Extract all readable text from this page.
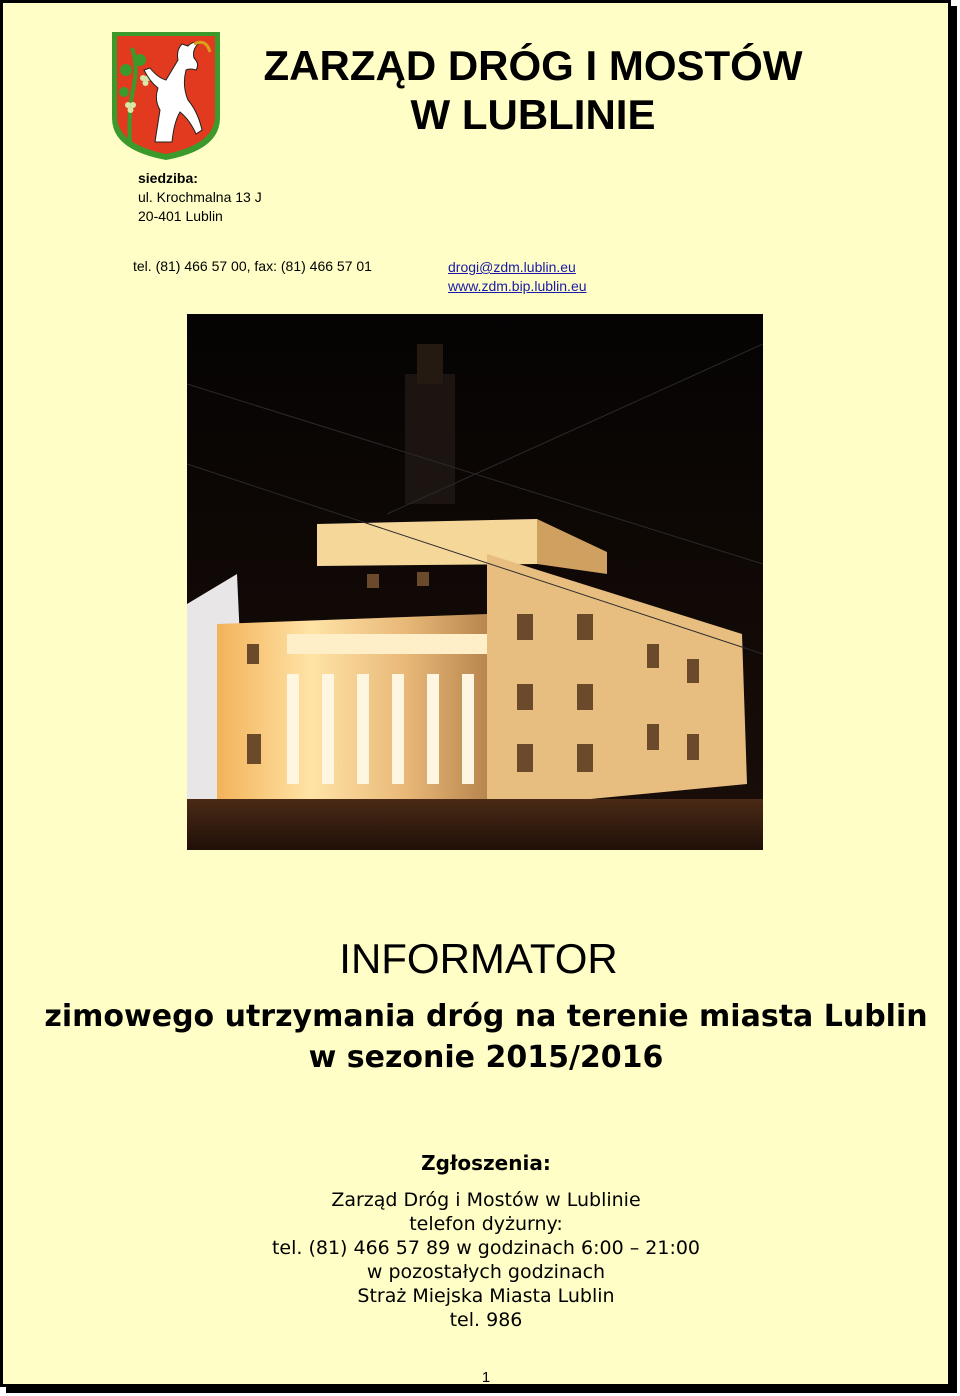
ZARZĄD DRÓG I MOSTÓW
W LUBLINIE
siedziba:
ul. Krochmalna 13 J
20-401 Lublin
tel. (81) 466 57 00, fax: (81) 466 57 01	drogi@zdm.lublin.eu
www.zdm.bip.lublin.eu
INFORMATOR
zimowego utrzymania dróg na terenie miasta Lublin
w sezonie 2015/2016
Zgłoszenia:
Zarząd Dróg i Mostów w Lublinie
telefon dyżurny:
tel. (81) 466 57 89 w godzinach 6:00 – 21:00
w pozostałych godzinach
Straż Miejska Miasta Lublin
tel. 986
1
